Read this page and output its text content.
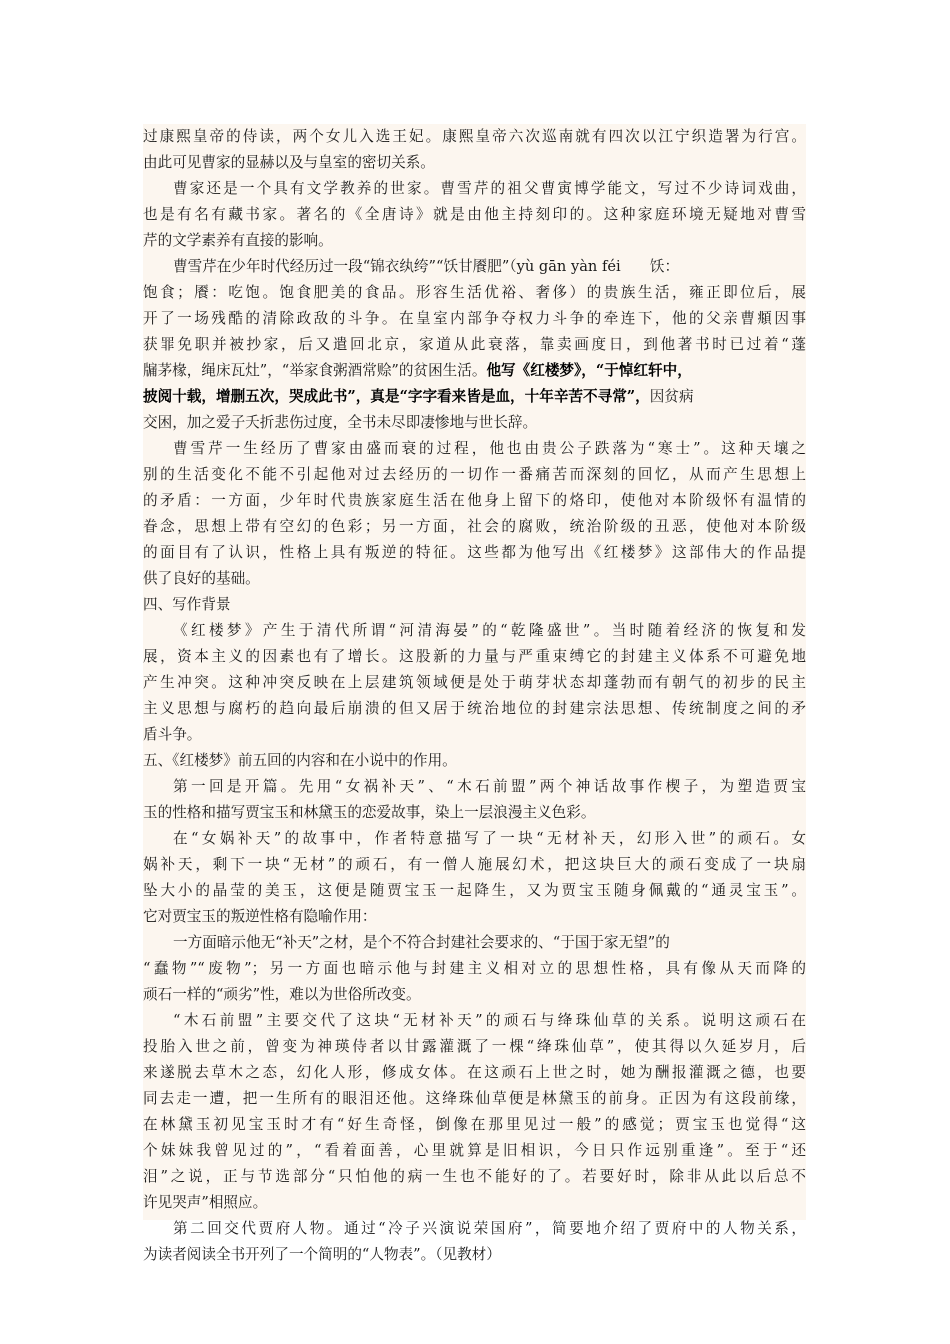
过康熙皇帝的侍读，两个女儿入选王妃。康熙皇帝六次巡南就有四次以江宁织造署为行宫。
由此可见曹家的显赫以及与皇室的密切关系。
曹家还是一个具有文学教养的世家。曹雪芹的祖父曹寅博学能文，写过不少诗词戏曲，
也是有名有藏书家。著名的《全唐诗》就是由他主持刻印的。这种家庭环境无疑地对曹雪
芹的文学素养有直接的影响。
曹雪芹在少年时代经历过一段“锦衣纨绔”“饫甘餍肥”（yù gān yàn féi　　饫：
饱食；餍：吃饱。饱食肥美的食品。形容生活优裕、奢侈）的贵族生活，雍正即位后，展
开了一场残酷的清除政敌的斗争。在皇室内部争夺权力斗争的牵连下，他的父亲曹頫因事
获罪免职并被抄家，后又遣回北京，家道从此衰落，靠卖画度日，到他著书时已过着“蓬
牖茅椽，绳床瓦灶”，“举家食粥酒常赊”的贫困生活。他写《红楼梦》，“于悼红轩中，
披阅十载，增删五次，哭成此书”，真是“字字看来皆是血，十年辛苦不寻常”，因贫病
交困，加之爱子夭折悲伤过度，全书未尽即凄惨地与世长辞。
曹雪芹一生经历了曹家由盛而衰的过程，他也由贵公子跌落为“寒士”。这种天壤之
别的生活变化不能不引起他对过去经历的一切作一番痛苦而深刻的回忆，从而产生思想上
的矛盾：一方面，少年时代贵族家庭生活在他身上留下的烙印，使他对本阶级怀有温情的
眷念，思想上带有空幻的色彩；另一方面，社会的腐败，统治阶级的丑恶，使他对本阶级
的面目有了认识，性格上具有叛逆的特征。这些都为他写出《红楼梦》这部伟大的作品提
供了良好的基础。
四、写作背景
《红楼梦》产生于清代所谓“河清海晏”的“乾隆盛世”。当时随着经济的恢复和发
展，资本主义的因素也有了增长。这股新的力量与严重束缚它的封建主义体系不可避免地
产生冲突。这种冲突反映在上层建筑领域便是处于萌芽状态却蓬勃而有朝气的初步的民主
主义思想与腐朽的趋向最后崩溃的但又居于统治地位的封建宗法思想、传统制度之间的矛
盾斗争。
五、《红楼梦》前五回的内容和在小说中的作用。
第一回是开篇。先用“女祸补天”、“木石前盟”两个神话故事作楔子，为塑造贾宝
玉的性格和描写贾宝玉和林黛玉的恋爱故事，染上一层浪漫主义色彩。
在“女娲补天”的故事中，作者特意描写了一块“无材补天，幻形入世”的顽石。女
娲补天，剩下一块“无材”的顽石，有一僧人施展幻术，把这块巨大的顽石变成了一块扇
坠大小的晶莹的美玉，这便是随贾宝玉一起降生，又为贾宝玉随身佩戴的“通灵宝玉”。
它对贾宝玉的叛逆性格有隐喻作用：
一方面暗示他无“补天”之材，是个不符合封建社会要求的、“于国于家无望”的
“蠢物”“废物”；另一方面也暗示他与封建主义相对立的思想性格，具有像从天而降的
顽石一样的“顽劣”性，难以为世俗所改变。
“木石前盟”主要交代了这块“无材补天”的顽石与绛珠仙草的关系。说明这顽石在
投胎入世之前，曾变为神瑛侍者以甘露灌溉了一棵“绛珠仙草”，使其得以久延岁月，后
来遂脱去草木之态，幻化人形，修成女体。在这顽石上世之时，她为酬报灌溉之德，也要
同去走一遭，把一生所有的眼泪还他。这绛珠仙草便是林黛玉的前身。正因为有这段前缘，
在林黛玉初见宝玉时才有“好生奇怪，倒像在那里见过一般”的感觉；贾宝玉也觉得“这
个妹妹我曾见过的”，“看着面善，心里就算是旧相识，今日只作远别重逢”。至于“还
泪”之说，正与节选部分“只怕他的病一生也不能好的了。若要好时，除非从此以后总不
许见哭声”相照应。
第二回交代贾府人物。通过“冷子兴演说荣国府”，简要地介绍了贾府中的人物关系，
为读者阅读全书开列了一个简明的“人物表”。（见教材）
